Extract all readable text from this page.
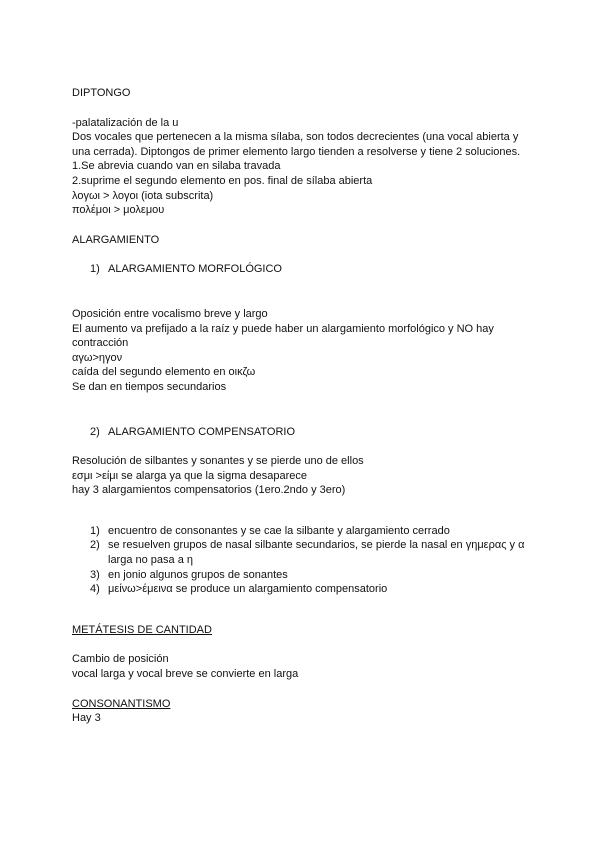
DIPTONGO
-palatalización de la u
Dos vocales que pertenecen a la misma sílaba, son todos decrecientes (una vocal abierta y una cerrada). Diptongos de primer elemento largo tienden a resolverse y tiene 2 soluciones.
1.Se abrevia cuando van en silaba travada
2.suprime el segundo elemento en pos. final de sílaba abierta
λογωι > λογοι (iota subscrita)
πολέμοι > μολεμου
ALARGAMIENTO
1) ALARGAMIENTO MORFOLÓGICO
Oposición entre vocalismo breve y largo
El aumento va prefijado a la raíz y puede haber un alargamiento morfológico y NO hay
contracción
αγω>ηγον
caída del segundo elemento en οικζω
Se dan en tiempos secundarios
2) ALARGAMIENTO COMPENSATORIO
Resolución de silbantes y sonantes y se pierde uno de ellos
εσμι >είμι se alarga ya que la sigma desaparece
hay 3 alargamientos compensatorios (1ero.2ndo y 3ero)
1) encuentro de consonantes y se cae la silbante y alargamiento cerrado
2) se resuelven grupos de nasal silbante secundarios, se pierde la nasal en γημερας y α larga no pasa a η
3) en jonio algunos grupos de sonantes
4) μείνω>έμεινα se produce un alargamiento compensatorio
METÁTESIS DE CANTIDAD
Cambio de posición
vocal larga y vocal breve se convierte en larga
CONSONANTISMO
Hay 3
